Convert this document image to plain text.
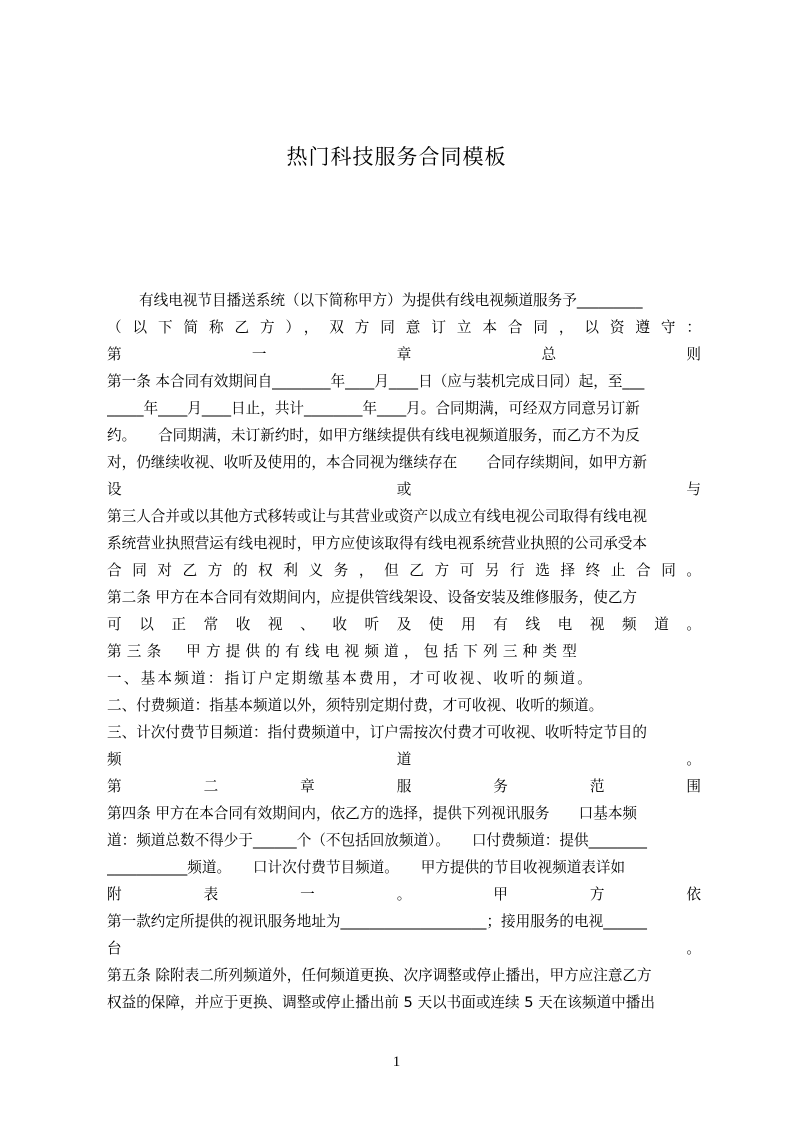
热门科技服务合同模板
有线电视节目播送系统（以下简称甲方）为提供有线电视频道服务予_________
（以下简称乙方），双方同意订立本合同，以资遵守：
第一章总则
第一条 本合同有效期间自________年____月____日（应与装机完成日同）起，至___
_____年____月____日止，共计________年____月。合同期满，可经双方同意另订新
约。　　合同期满，未订新约时，如甲方继续提供有线电视频道服务，而乙方不为反
对，仍继续收视、收听及使用的，本合同视为继续存在　　合同存续期间，如甲方新
设或与
第三人合并或以其他方式移转或让与其营业或资产以成立有线电视公司取得有线电视
系统营业执照营运有线电视时，甲方应使该取得有线电视系统营业执照的公司承受本
合同对乙方的权利义务，但乙方可另行选择终止合同。
第二条 甲方在本合同有效期间内，应提供管线架设、设备安装及维修服务，使乙方
可以正常收视、收听及使用有线电视频道。
第三条　甲方提供的有线电视频道，包括下列三种类型
一、基本频道：指订户定期缴基本费用，才可收视、收听的频道。
二、付费频道：指基本频道以外，须特别定期付费，才可收视、收听的频道。
三、计次付费节目频道：指付费频道中，订户需按次付费才可收视、收听特定节目的
频道。
第二章服务范围
第四条 甲方在本合同有效期间内，依乙方的选择，提供下列视讯服务　　口基本频
道：频道总数不得少于______个（不包括回放频道）。　　口付费频道：提供________
___________频道。　　口计次付费节目频道。　　甲方提供的节目收视频道表详如
附表一。甲方依
第一款约定所提供的视讯服务地址为____________________；接用服务的电视______
台。
第五条 除附表二所列频道外，任何频道更换、次序调整或停止播出，甲方应注意乙方
权益的保障，并应于更换、调整或停止播出前 5 天以书面或连续 5 天在该频道中播出
1
